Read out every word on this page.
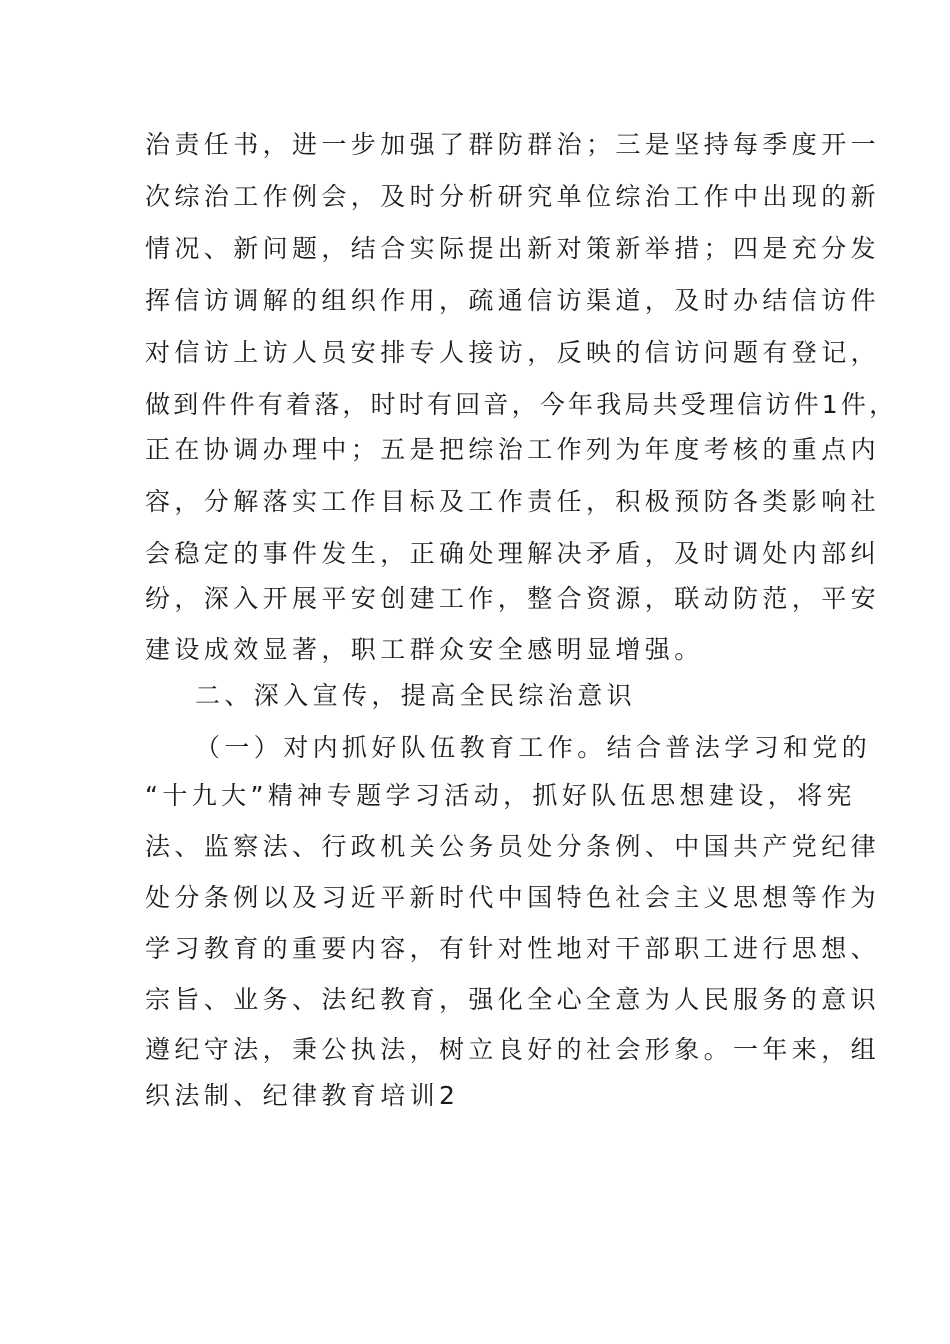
治责任书，进一步加强了群防群治；三是坚持每季度开一
次综治工作例会，及时分析研究单位综治工作中出现的新
情况、新问题，结合实际提出新对策新举措；四是充分发
挥信访调解的组织作用，疏通信访渠道，及时办结信访件
对信访上访人员安排专人接访，反映的信访问题有登记，
做到件件有着落，时时有回音，今年我局共受理信访件1件，
正在协调办理中；五是把综治工作列为年度考核的重点内
容，分解落实工作目标及工作责任，积极预防各类影响社
会稳定的事件发生，正确处理解决矛盾，及时调处内部纠
纷，深入开展平安创建工作，整合资源，联动防范，平安
建设成效显著，职工群众安全感明显增强。
二、深入宣传，提高全民综治意识
（一）对内抓好队伍教育工作。结合普法学习和党的
“十九大”精神专题学习活动，抓好队伍思想建设，将宪
法、监察法、行政机关公务员处分条例、中国共产党纪律
处分条例以及习近平新时代中国特色社会主义思想等作为
学习教育的重要内容，有针对性地对干部职工进行思想、
宗旨、业务、法纪教育，强化全心全意为人民服务的意识
遵纪守法，秉公执法，树立良好的社会形象。一年来，组
织法制、纪律教育培训2
